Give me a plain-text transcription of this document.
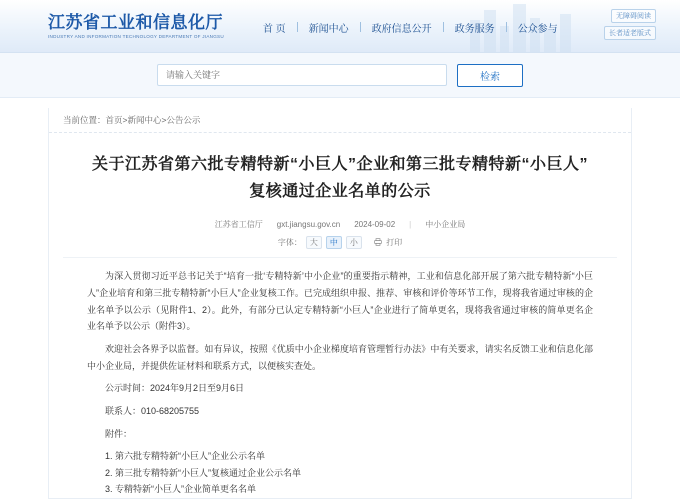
江苏省工业和信息化厅
INDUSTRY AND INFORMATION TECHNOLOGY DEPARTMENT OF JIANGSU
首 页	新闻中心	政府信息公开	政务服务	公众参与
无障碍阅读
长者适老版式
请输入关键字
检索
当前位置：首页>新闻中心>公告公示
关于江苏省第六批专精特新“小巨人”企业和第三批专精特新“小巨人”复核通过企业名单的公示
江苏省工信厅 gxt.jiangsu.gov.cn 2024-09-02 | 中小企业局
字体：	大	中	小	打印

为深入贯彻习近平总书记关于“培育一批‘专精特新’中小企业”的重要指示精神，工业和信息化部开展了第六批专精特新“小巨人”企业培育和第三批专精特新“小巨人”企业复核工作。已完成组织申报、推荐、审核和评价等环节工作，现将我省通过审核的企业名单予以公示（见附件1、2）。此外，有部分已认定专精特新“小巨人”企业进行了简单更名，现将我省通过审核的简单更名企业名单予以公示（附件3）。

欢迎社会各界予以监督。如有异议，按照《优质中小企业梯度培育管理暂行办法》中有关要求，请实名反馈工业和信息化部中小企业局，并提供佐证材料和联系方式，以便核实查处。

公示时间：2024年9月2日至9月6日

联系人：010-68205755

附件：

1. 第六批专精特新“小巨人”企业公示名单
2. 第三批专精特新“小巨人”复核通过企业公示名单
3. 专精特新“小巨人”企业简单更名名单
